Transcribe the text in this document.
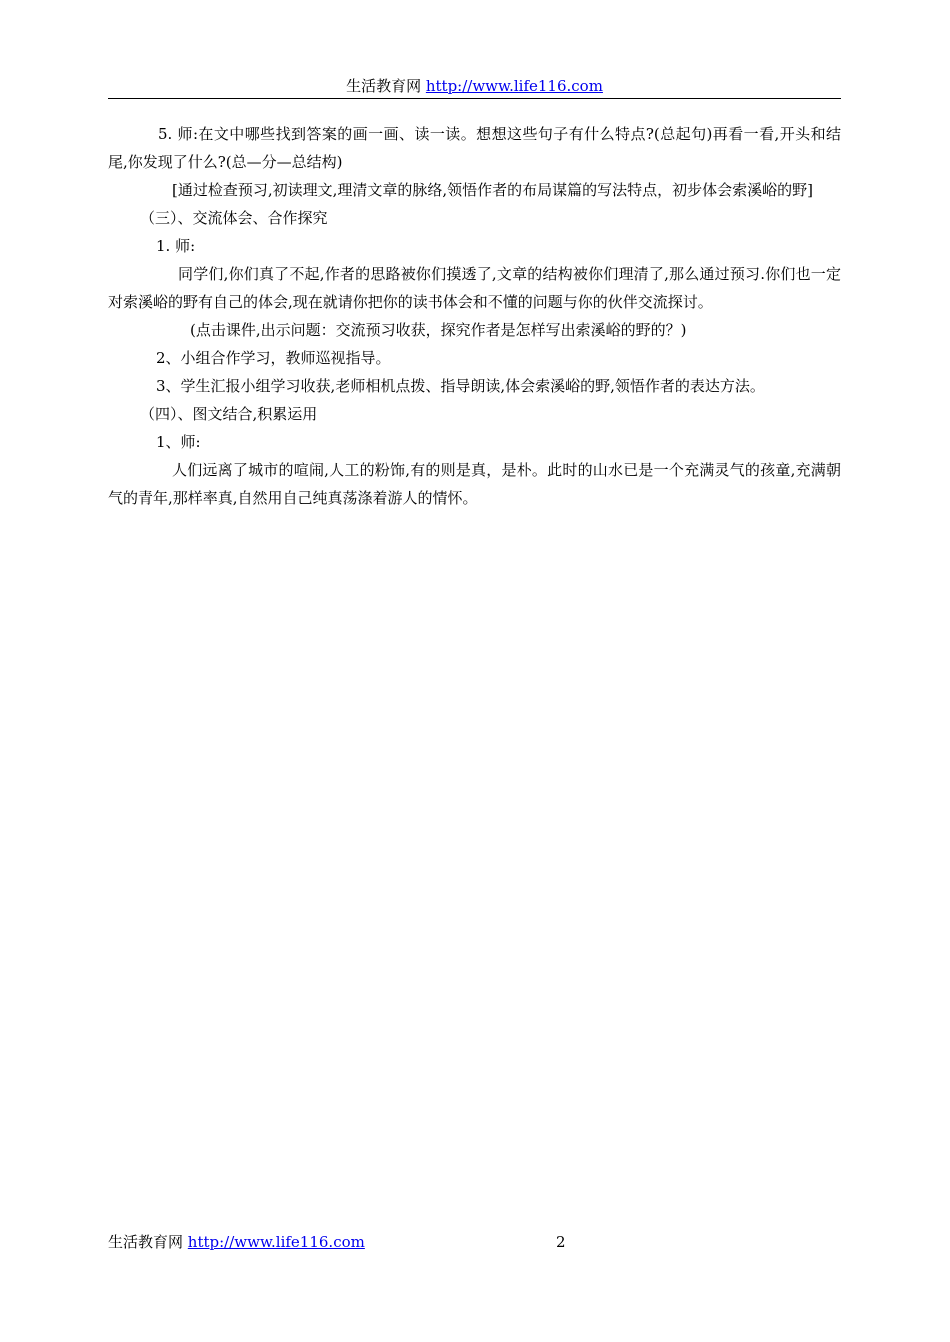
生活教育网 http://www.life116.com

5. 师:在文中哪些找到答案的画一画、读一读。想想这些句子有什么特点?(总起句)再看一看,开头和结尾,你发现了什么?(总—分—总结构)

[通过检查预习,初读理文,理清文章的脉络,领悟作者的布局谋篇的写法特点，初步体会索溪峪的野]

（三）、交流体会、合作探究

1. 师:

同学们,你们真了不起,作者的思路被你们摸透了,文章的结构被你们理清了,那么通过预习.你们也一定对索溪峪的野有自己的体会,现在就请你把你的读书体会和不懂的问题与你的伙伴交流探讨。

(点击课件,出示问题：交流预习收获，探究作者是怎样写出索溪峪的野的？)

2、小组合作学习，教师巡视指导。

3、学生汇报小组学习收获,老师相机点拨、指导朗读,体会索溪峪的野,领悟作者的表达方法。

（四）、图文结合,积累运用

1、师:

人们远离了城市的喧闹,人工的粉饰,有的则是真，是朴。此时的山水已是一个充满灵气的孩童,充满朝气的青年,那样率真,自然用自己纯真荡涤着游人的情怀。

生活教育网 http://www.life116.com	2
